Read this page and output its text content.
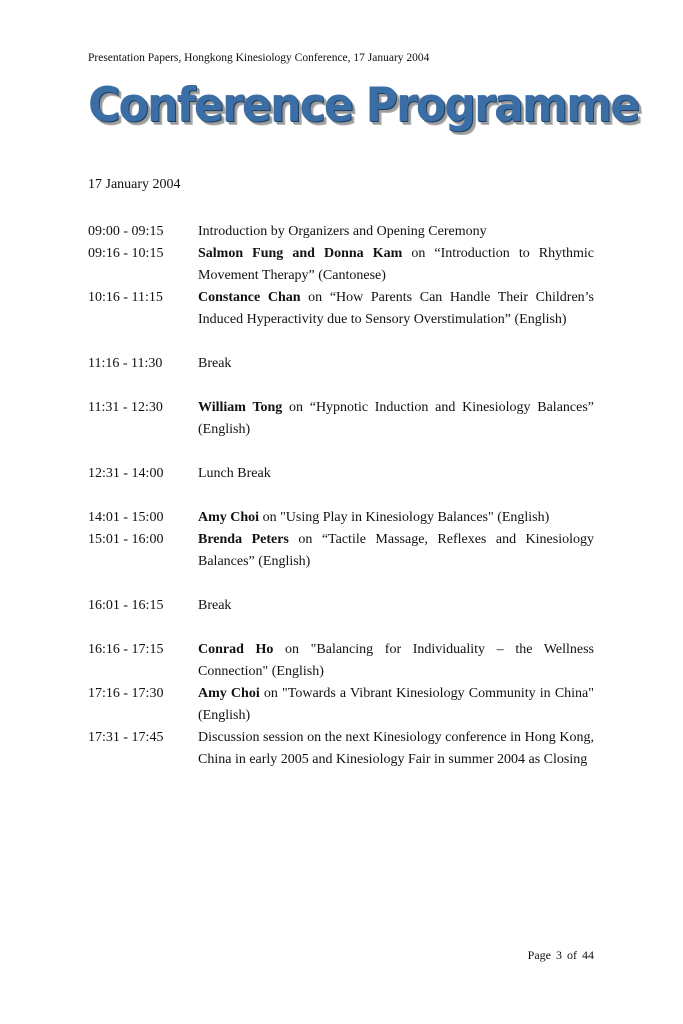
Presentation Papers, Hongkong Kinesiology Conference, 17 January 2004
Conference Programme
17 January 2004
09:00 - 09:15	Introduction by Organizers and Opening Ceremony
09:16 - 10:15	Salmon Fung and Donna Kam on “Introduction to Rhythmic Movement Therapy” (Cantonese)
10:16 - 11:15	Constance Chan on “How Parents Can Handle Their Children’s Induced Hyperactivity due to Sensory Overstimulation” (English)
11:16 - 11:30	Break
11:31 - 12:30	William Tong on “Hypnotic Induction and Kinesiology Balances” (English)
12:31 - 14:00	Lunch Break
14:01 - 15:00	Amy Choi on "Using Play in Kinesiology Balances" (English)
15:01 - 16:00	Brenda Peters on “Tactile Massage, Reflexes and Kinesiology Balances” (English)
16:01 - 16:15	Break
16:16 - 17:15	Conrad Ho on "Balancing for Individuality – the Wellness Connection" (English)
17:16 - 17:30	Amy Choi on "Towards a Vibrant Kinesiology Community in China" (English)
17:31 - 17:45	Discussion session on the next Kinesiology conference in Hong Kong, China in early 2005 and Kinesiology Fair in summer 2004 as Closing
Page 3 of 44
